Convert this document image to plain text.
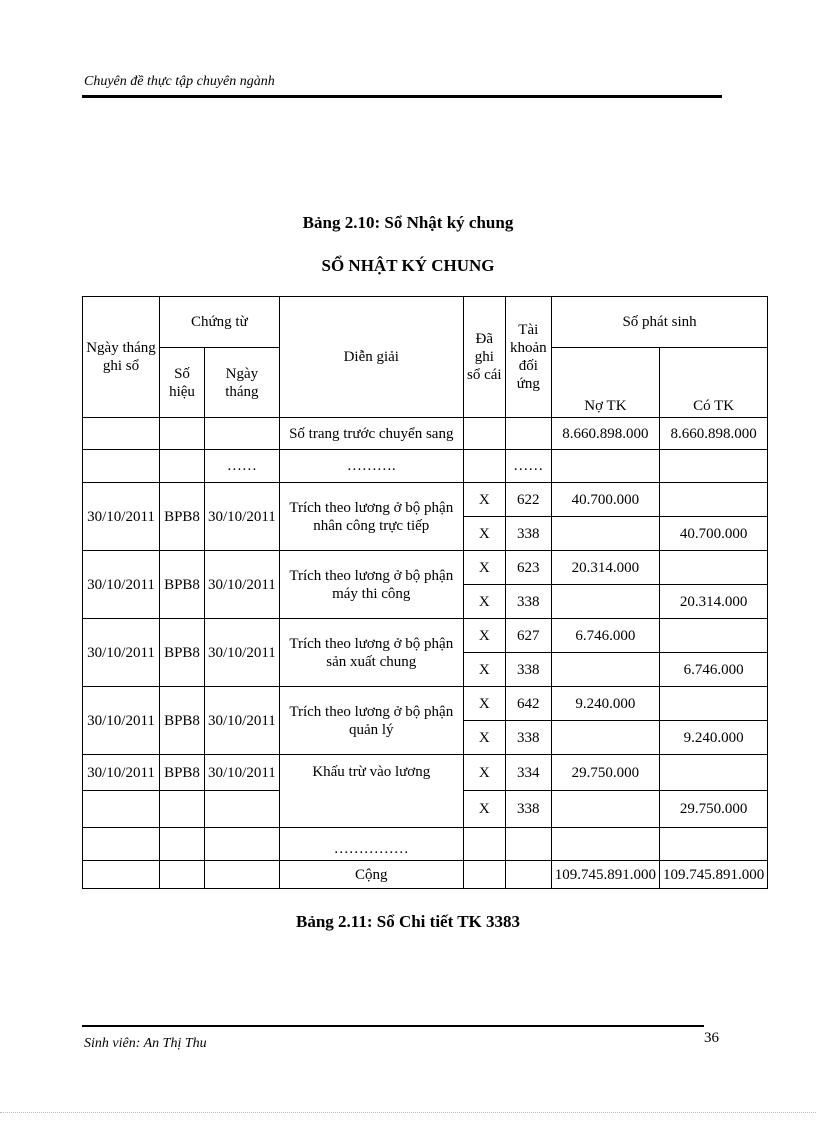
Chuyên đề thực tập chuyên ngành
Bảng 2.10: Sổ Nhật ký chung
SỔ NHẬT KÝ CHUNG
Ngày tháng ghi sổ	Chứng từ		Diễn giải	Đã ghi sổ cái	Tài khoản đối ứng	Số phát sinh	
	Số hiệu	Ngày tháng				Nợ TK	Có TK
			Số trang trước chuyển sang			8.660.898.000	8.660.898.000
		……	……….		……		
30/10/2011	BPB8	30/10/2011	Trích theo lương ở bộ phận nhân công trực tiếp	X	622	40.700.000	
				X	338		40.700.000
30/10/2011	BPB8	30/10/2011	Trích theo lương ở bộ phận máy thi công	X	623	20.314.000	
				X	338		20.314.000
30/10/2011	BPB8	30/10/2011	Trích theo lương ở bộ phận sản xuất chung	X	627	6.746.000	
				X	338		6.746.000
30/10/2011	BPB8	30/10/2011	Trích theo lương ở bộ phận quản lý	X	642	9.240.000	
				X	338		9.240.000
30/10/2011	BPB8	30/10/2011	Khấu trừ vào lương	X	334	29.750.000	
				X	338		29.750.000
			……………				
			Cộng			109.745.891.000	109.745.891.000
Bảng 2.11: Sổ Chi tiết TK 3383
Sinh viên: An Thị Thu	36
